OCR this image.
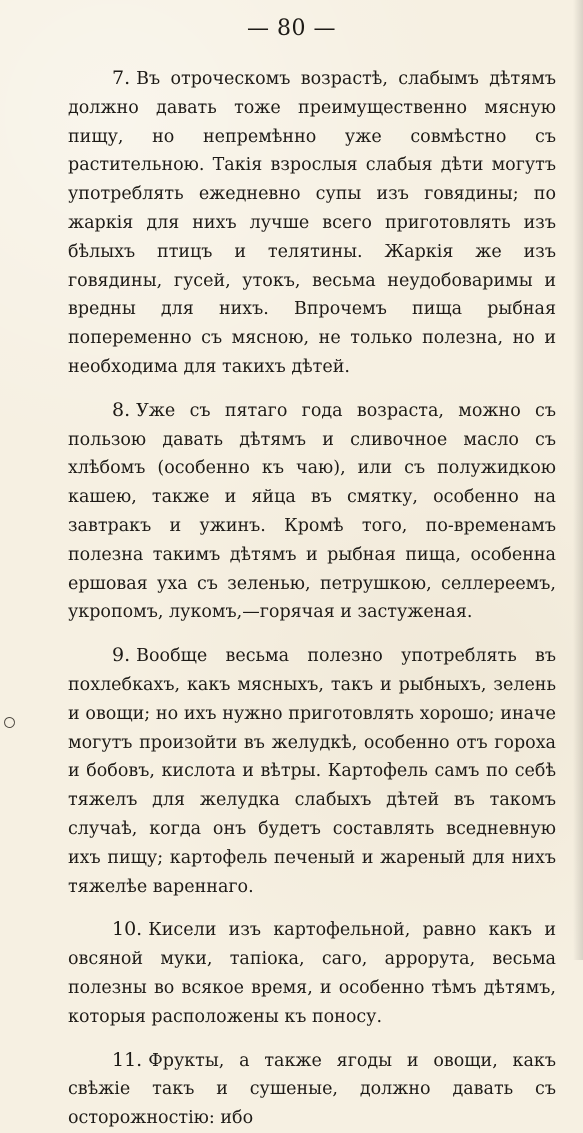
— 80 —

7. Въ отроческомъ возрастѣ, слабымъ дѣтямъ должно давать тоже преимущественно мясную пищу, но непремѣнно уже совмѣстно съ растительною. Такія взрослыя слабыя дѣти могутъ употреблять ежедневно супы изъ говядины; по жаркія для нихъ лучше всего приготовлять изъ бѣлыхъ птицъ и телятины. Жаркія же изъ говядины, гусей, утокъ, весьма неудобоваримы и вредны для нихъ. Впрочемъ пища рыбная попеременно съ мясною, не только полезна, но и необходима для такихъ дѣтей.

8. Уже съ пятаго года возраста, можно съ пользою давать дѣтямъ и сливочное масло съ хлѣбомъ (особенно къ чаю), или съ полужидкою кашею, также и яйца въ смятку, особенно на завтракъ и ужинъ. Кромѣ того, по-временамъ полезна такимъ дѣтямъ и рыбная пища, особенна ершовая уха съ зеленью, петрушкою, селлереемъ, укропомъ, лукомъ,—горячая и застуженая.

9. Вообще весьма полезно употреблять въ похлебкахъ, какъ мясныхъ, такъ и рыбныхъ, зелень и овощи; но ихъ нужно приготовлять хорошо; иначе могутъ произойти въ желудкѣ, особенно отъ гороха и бобовъ, кислота и вѣтры. Картофель самъ по себѣ тяжелъ для желудка слабыхъ дѣтей въ такомъ случаѣ, когда онъ будетъ составлять вседневную ихъ пищу; картофель печеный и жареный для нихъ тяжелѣе вареннаго.

10. Кисели изъ картофельной, равно какъ и овсяной муки, тапіока, саго, аррорута, весьма полезны во всякое время, и особенно тѣмъ дѣтямъ, которыя расположены къ поносу.

11. Фрукты, а также ягоды и овощи, какъ свѣжіе такъ и сушеные, должно давать съ осторожностію: ибо
